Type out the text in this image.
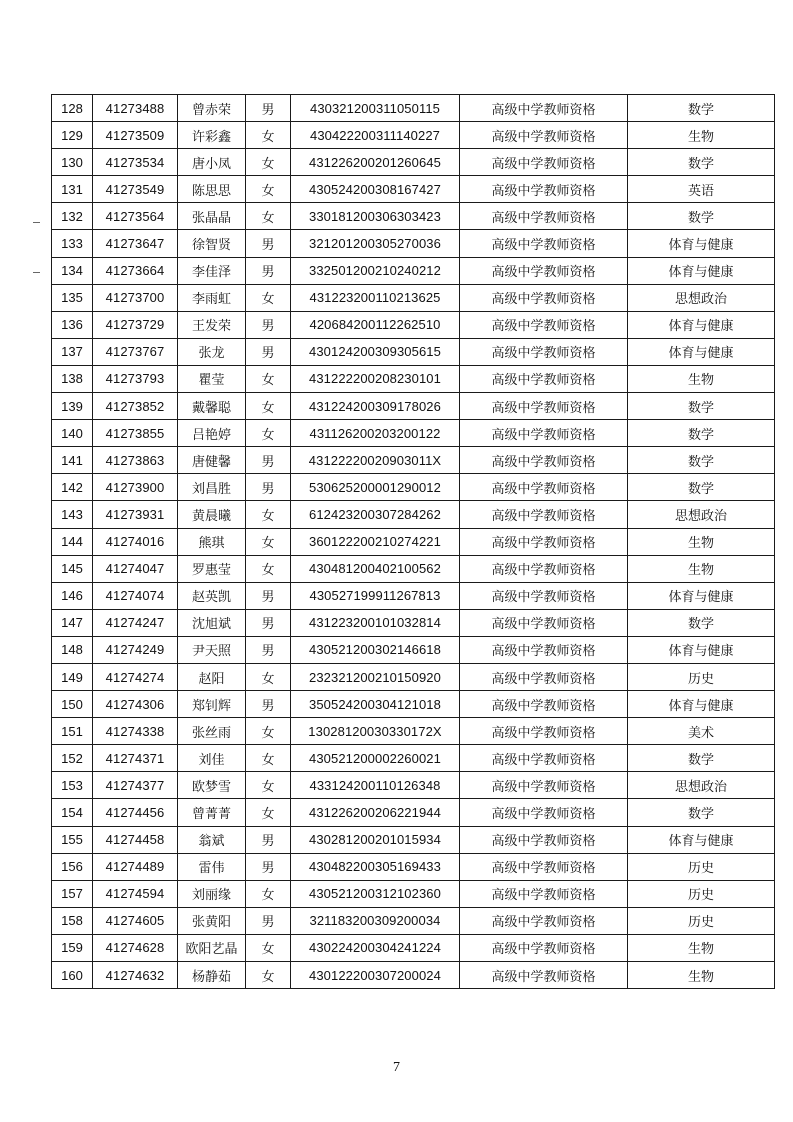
128	41273488	曾赤荣	男	430321200311050115	高级中学教师资格	数学
129	41273509	许彩鑫	女	430422200311140227	高级中学教师资格	生物
130	41273534	唐小凤	女	431226200201260645	高级中学教师资格	数学
131	41273549	陈思思	女	430524200308167427	高级中学教师资格	英语
132	41273564	张晶晶	女	330181200306303423	高级中学教师资格	数学
133	41273647	徐智贤	男	321201200305270036	高级中学教师资格	体育与健康
134	41273664	李佳泽	男	332501200210240212	高级中学教师资格	体育与健康
135	41273700	李雨虹	女	431223200110213625	高级中学教师资格	思想政治
136	41273729	王发荣	男	420684200112262510	高级中学教师资格	体育与健康
137	41273767	张龙	男	430124200309305615	高级中学教师资格	体育与健康
138	41273793	瞿莹	女	431222200208230101	高级中学教师资格	生物
139	41273852	戴馨聪	女	431224200309178026	高级中学教师资格	数学
140	41273855	吕艳婷	女	431126200203200122	高级中学教师资格	数学
141	41273863	唐健馨	男	43122220020903011X	高级中学教师资格	数学
142	41273900	刘昌胜	男	530625200001290012	高级中学教师资格	数学
143	41273931	黄晨曦	女	612423200307284262	高级中学教师资格	思想政治
144	41274016	熊琪	女	360122200210274221	高级中学教师资格	生物
145	41274047	罗惠莹	女	430481200402100562	高级中学教师资格	生物
146	41274074	赵英凯	男	430527199911267813	高级中学教师资格	体育与健康
147	41274247	沈旭斌	男	431223200101032814	高级中学教师资格	数学
148	41274249	尹天照	男	430521200302146618	高级中学教师资格	体育与健康
149	41274274	赵阳	女	232321200210150920	高级中学教师资格	历史
150	41274306	郑钊辉	男	350524200304121018	高级中学教师资格	体育与健康
151	41274338	张丝雨	女	13028120030330172X	高级中学教师资格	美术
152	41274371	刘佳	女	430521200002260021	高级中学教师资格	数学
153	41274377	欧梦雪	女	433124200110126348	高级中学教师资格	思想政治
154	41274456	曾菁菁	女	431226200206221944	高级中学教师资格	数学
155	41274458	翁斌	男	430281200201015934	高级中学教师资格	体育与健康
156	41274489	雷伟	男	430482200305169433	高级中学教师资格	历史
157	41274594	刘丽缘	女	430521200312102360	高级中学教师资格	历史
158	41274605	张黄阳	男	321183200309200034	高级中学教师资格	历史
159	41274628	欧阳艺晶	女	430224200304241224	高级中学教师资格	生物
160	41274632	杨静茹	女	430122200307200024	高级中学教师资格	生物
7
